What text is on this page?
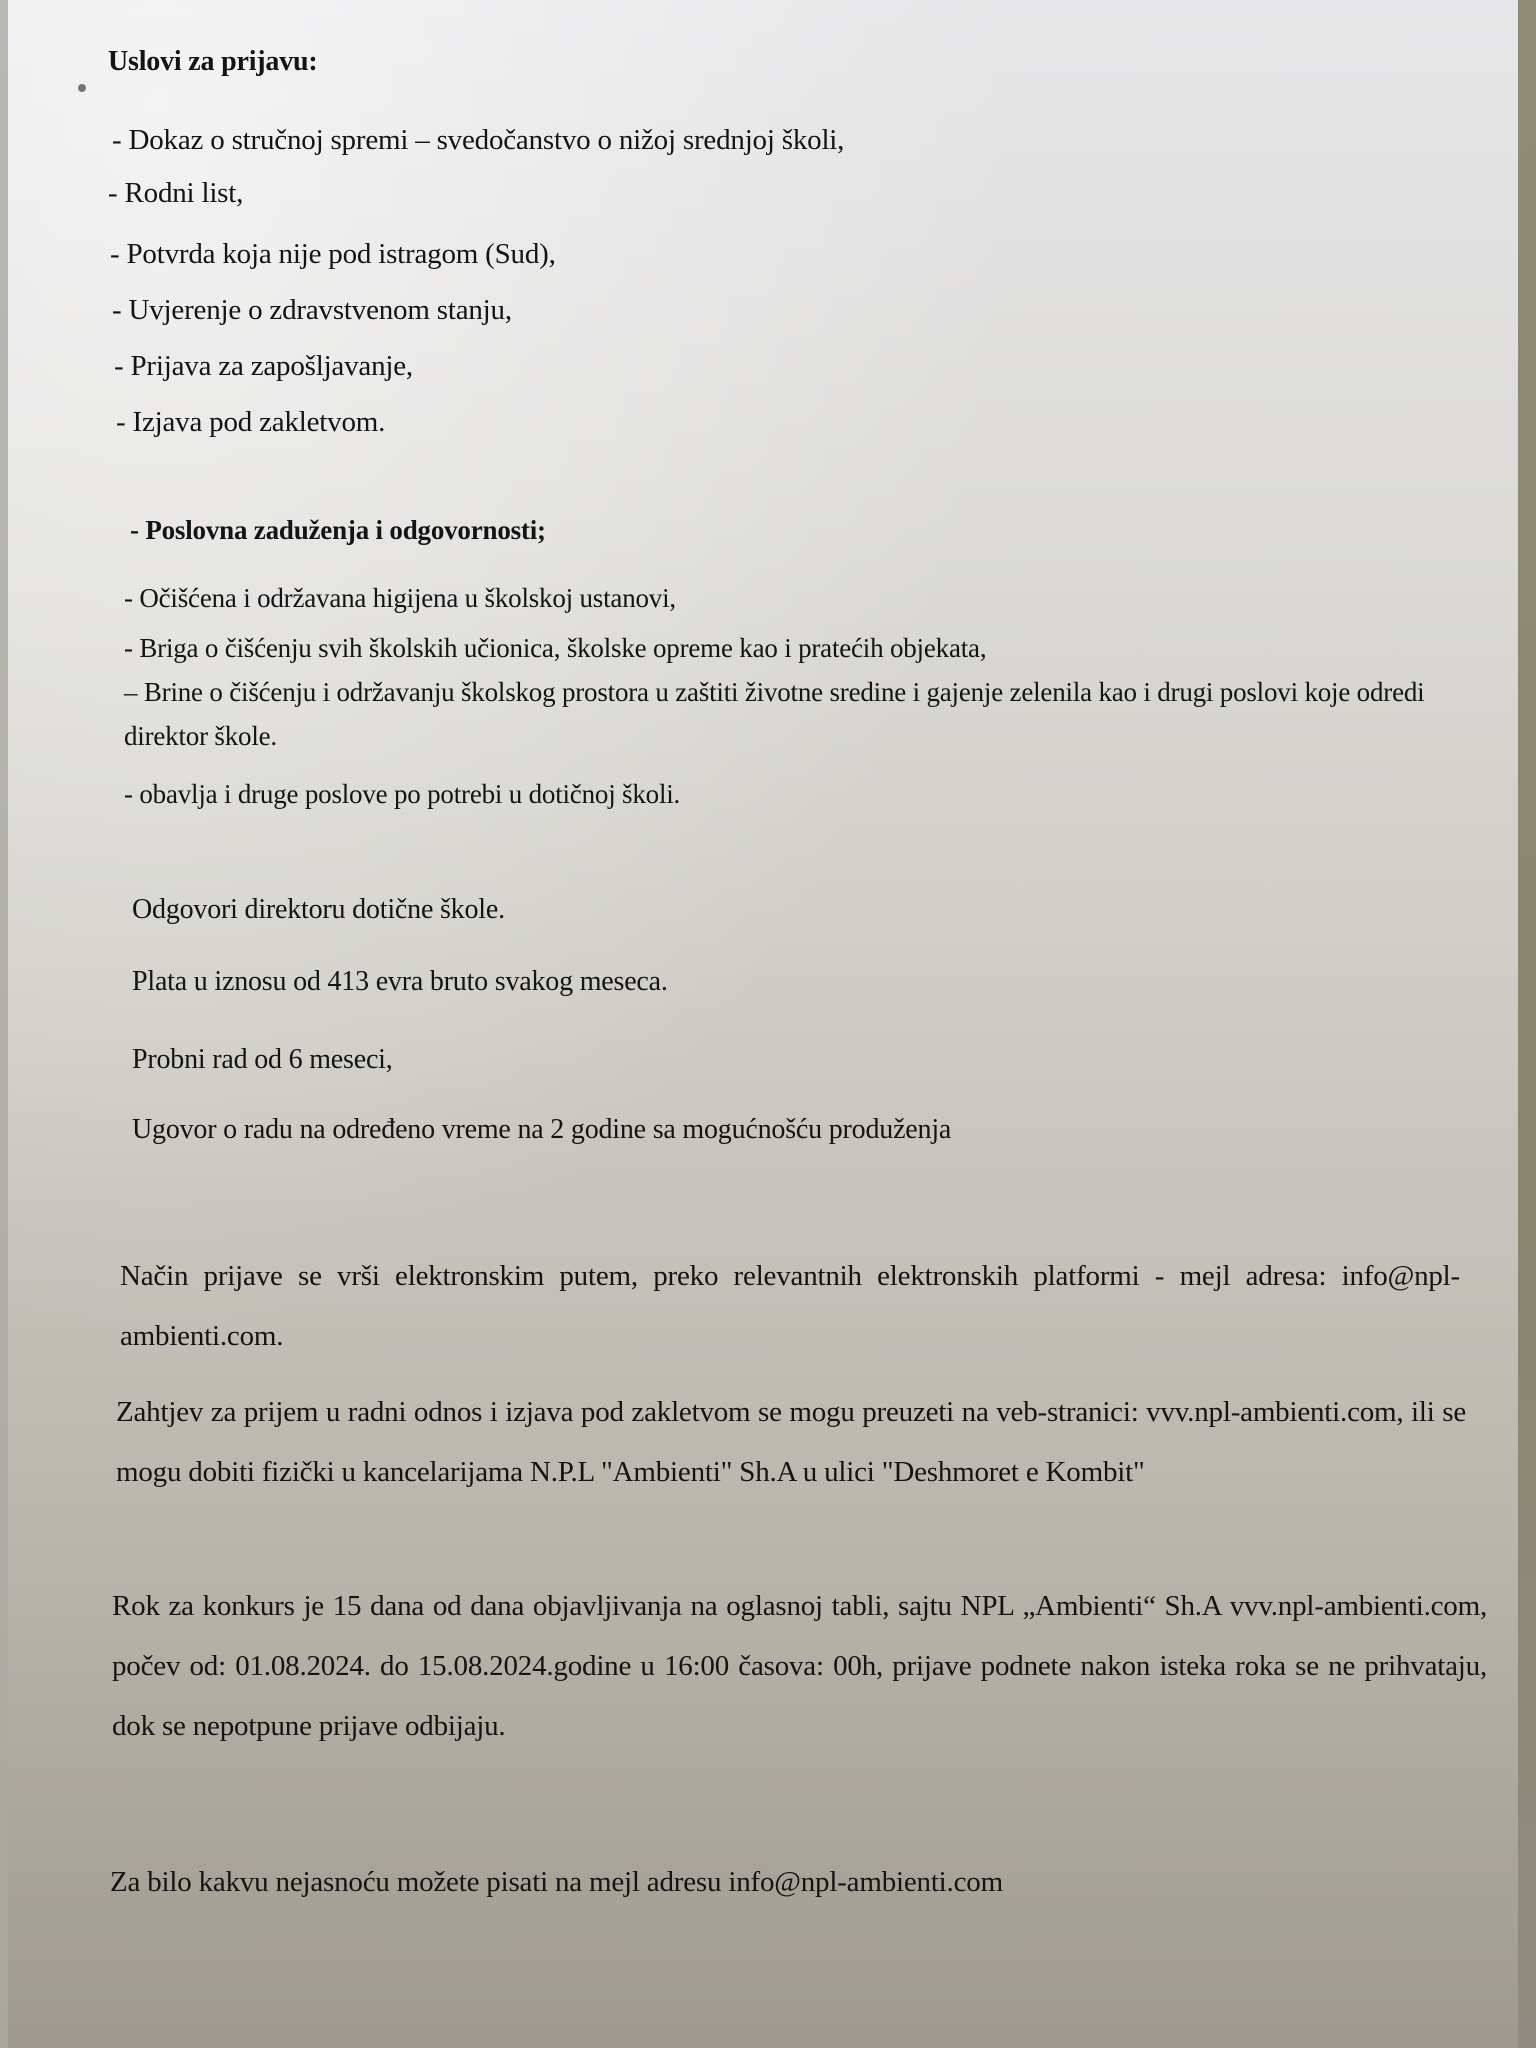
Uslovi za prijavu:
- Dokaz o stručnoj spremi – svedočanstvo o nižoj srednjoj školi,
- Rodni list,
- Potvrda koja nije pod istragom (Sud),
- Uvjerenje o zdravstvenom stanju,
- Prijava za zapošljavanje,
- Izjava pod zakletvom.
- Poslovna zaduženja i odgovornosti;
- Očišćena i održavana higijena u školskoj ustanovi,
- Briga o čišćenju svih školskih učionica, školske opreme kao i pratećih objekata,
– Brine o čišćenju i održavanju školskog prostora u zaštiti životne sredine i gajenje zelenila kao i drugi poslovi koje odredi direktor škole.
- obavlja i druge poslove po potrebi u dotičnoj školi.
Odgovori direktoru dotične škole.
Plata u iznosu od 413 evra bruto svakog meseca.
Probni rad od 6 meseci,
Ugovor o radu na određeno vreme na 2 godine sa mogućnošću produženja
Način prijave se vrši elektronskim putem, preko relevantnih elektronskih platformi - mejl adresa: info@npl-ambienti.com.
Zahtjev za prijem u radni odnos i izjava pod zakletvom se mogu preuzeti na veb-stranici: vvv.npl-ambienti.com, ili se mogu dobiti fizički u kancelarijama N.P.L "Ambienti" Sh.A u ulici "Deshmoret e Kombit"
Rok za konkurs je 15 dana od dana objavljivanja na oglasnoj tabli, sajtu NPL „Ambienti“ Sh.A vvv.npl-ambienti.com, počev od: 01.08.2024. do 15.08.2024.godine u 16:00 časova: 00h, prijave podnete nakon isteka roka se ne prihvataju, dok se nepotpune prijave odbijaju.
Za bilo kakvu nejasnoću možete pisati na mejl adresu info@npl-ambienti.com
